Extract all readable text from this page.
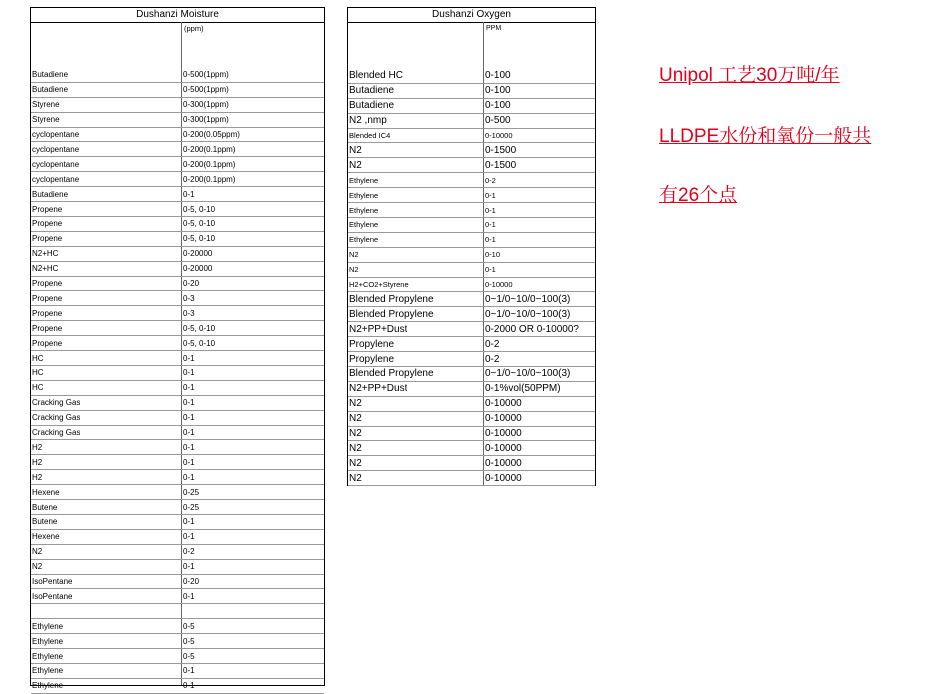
Dushanzi Moisture
(ppm)
Butadiene	0-500(1ppm)
Butadiene	0-500(1ppm)
Styrene	0-300(1ppm)
Styrene	0-300(1ppm)
cyclopentane	0-200(0.05ppm)
cyclopentane	0-200(0.1ppm)
cyclopentane	0-200(0.1ppm)
cyclopentane	0-200(0.1ppm)
Butadiene	0-1
Propene	0-5, 0-10
Propene	0-5, 0-10
Propene	0-5, 0-10
N2+HC	0-20000
N2+HC	0-20000
Propene	0-20
Propene	0-3
Propene	0-3
Propene	0-5, 0-10
Propene	0-5, 0-10
HC	0-1
HC	0-1
HC	0-1
Cracking Gas	0-1
Cracking Gas	0-1
Cracking Gas	0-1
H2	0-1
H2	0-1
H2	0-1
Hexene	0-25
Butene	0-25
Butene	0-1
Hexene	0-1
N2	0-2
N2	0-1
IsoPentane	0-20
IsoPentane	0-1
Ethylene	0-5
Ethylene	0-5
Ethylene	0-5
Ethylene	0-1
Ethylene	0-1
Dushanzi Oxygen
PPM
Blended HC	0-100
Butadiene	0-100
Butadiene	0-100
N2 ,nmp	0-500
Blended IC4	0-10000
N2	0-1500
N2	0-1500
Ethylene	0-2
Ethylene	0-1
Ethylene	0-1
Ethylene	0-1
Ethylene	0-1
N2	0-10
N2	0-1
H2+CO2+Styrene	0-10000
Blended Propylene	0~1/0~10/0~100(3)
Blended Propylene	0~1/0~10/0~100(3)
N2+PP+Dust	0-2000 OR 0-10000?
Propylene	0-2
Propylene	0-2
Blended Propylene	0~1/0~10/0~100(3)
N2+PP+Dust	0-1%vol(50PPM)
N2	0-10000
N2	0-10000
N2	0-10000
N2	0-10000
N2	0-10000
N2	0-10000
Unipol 工艺30万吨/年
LLDPE水份和氧份一般共
有26个点
